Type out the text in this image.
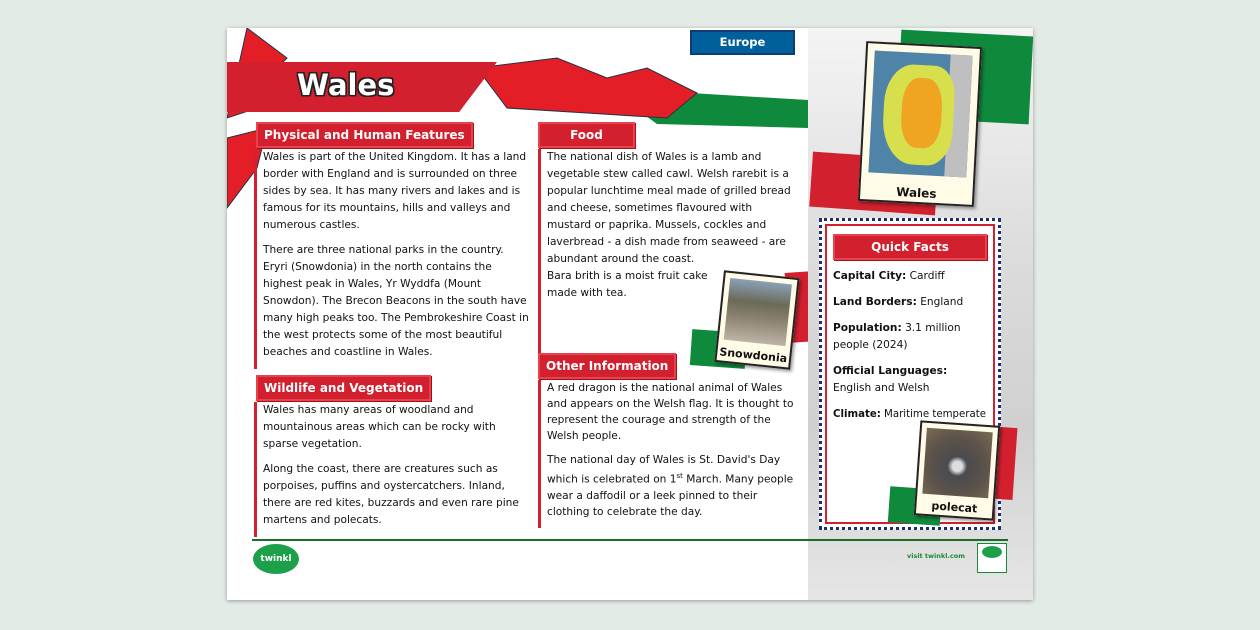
Europe
Wales
Physical and Human Features

Wales is part of the United Kingdom. It has a land border with England and is surrounded on three sides by sea. It has many rivers and lakes and is famous for its mountains, hills and valleys and numerous castles.

There are three national parks in the country. Eryri (Snowdonia) in the north contains the highest peak in Wales, Yr Wyddfa (Mount Snowdon). The Brecon Beacons in the south have many high peaks too. The Pembrokeshire Coast in the west protects some of the most beautiful beaches and coastline in Wales.

Wildlife and Vegetation

Wales has many areas of woodland and mountainous areas which can be rocky with sparse vegetation.

Along the coast, there are creatures such as porpoises, puffins and oystercatchers. Inland, there are red kites, buzzards and even rare pine martens and polecats.

Food

The national dish of Wales is a lamb and vegetable stew called cawl. Welsh rarebit is a popular lunchtime meal made of grilled bread and cheese, sometimes flavoured with mustard or paprika. Mussels, cockles and laverbread - a dish made from seaweed - are abundant around the coast. Bara brith is a moist fruit cake made with tea.

Snowdonia
Other Information

A red dragon is the national animal of Wales and appears on the Welsh flag. It is thought to represent the courage and strength of the Welsh people.

The national day of Wales is St. David's Day which is celebrated on 1st March. Many people wear a daffodil or a leek pinned to their clothing to celebrate the day.

Wales
Quick Facts
Capital City: Cardiff
Land Borders: England
Population: 3.1 million people (2024)
Official Languages: English and Welsh
Climate: Maritime temperate
polecat
twinkl	visit twinkl.com
